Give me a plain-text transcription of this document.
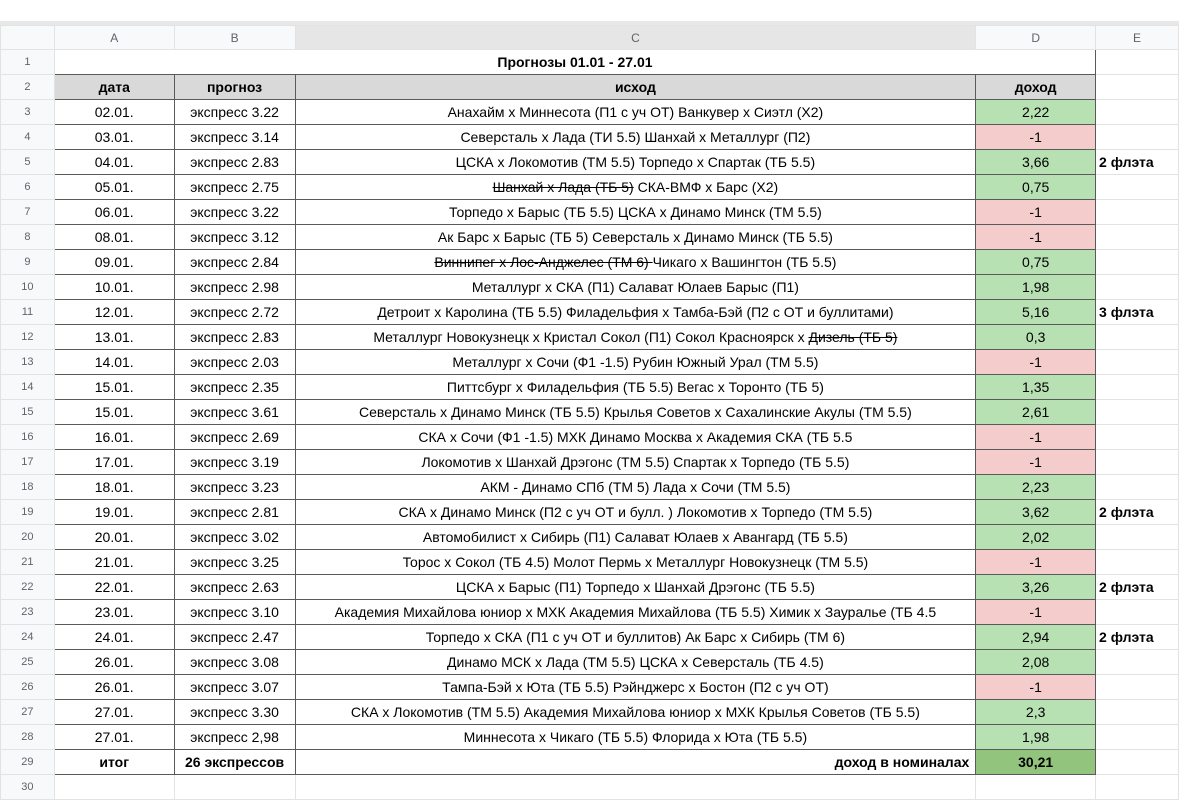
	A	B	C	D	E
1	Прогнозы 01.01 - 27.01				
2	дата	прогноз	исход	доход	
3	02.01.	экспресс 3.22	Анахайм х Миннесота (П1 с уч ОТ) Ванкувер х Сиэтл (Х2)	2,22	
4	03.01.	экспресс 3.14	Северсталь х Лада (ТИ 5.5) Шанхай х Металлург (П2)	-1	
5	04.01.	экспресс 2.83	ЦСКА х Локомотив (ТМ 5.5) Торпедо х Спартак (ТБ 5.5)	3,66	2 флэта
6	05.01.	экспресс 2.75	Шанхай х Лада (ТБ 5) СКА-ВМФ х Барс (Х2)	0,75	
7	06.01.	экспресс 3.22	Торпедо х Барыс (ТБ 5.5) ЦСКА х Динамо Минск (ТМ 5.5)	-1	
8	08.01.	экспресс 3.12	Ак Барс х Барыс (ТБ 5) Северсталь х Динамо Минск (ТБ 5.5)	-1	
9	09.01.	экспресс 2.84	Виннипег х Лос-Анджелес (ТМ 6) Чикаго х Вашингтон (ТБ 5.5)	0,75	
10	10.01.	экспресс 2.98	Металлург х СКА (П1) Салават Юлаев Барыс (П1)	1,98	
11	12.01.	экспресс 2.72	Детроит х Каролина (ТБ 5.5) Филадельфия х Тамба-Бэй (П2 с ОТ и буллитами)	5,16	3 флэта
12	13.01.	экспресс 2.83	Металлург Новокузнецк х Кристал Сокол (П1) Сокол Красноярск х Дизель (ТБ 5)	0,3	
13	14.01.	экспресс 2.03	Металлург х Сочи (Ф1 -1.5) Рубин Южный Урал (ТМ 5.5)	-1	
14	15.01.	экспресс 2.35	Питтсбург х Филадельфия (ТБ 5.5) Вегас х Торонто (ТБ 5)	1,35	
15	15.01.	экспресс 3.61	Северсталь х Динамо Минск (ТБ 5.5) Крылья Советов х Сахалинские Акулы (ТМ 5.5)	2,61	
16	16.01.	экспресс 2.69	СКА х Сочи (Ф1 -1.5) МХК Динамо Москва х Академия СКА (ТБ 5.5	-1	
17	17.01.	экспресс 3.19	Локомотив х Шанхай Дрэгонс (ТМ 5.5) Спартак х Торпедо (ТБ 5.5)	-1	
18	18.01.	экспресс 3.23	АКМ - Динамо СПб (ТМ 5) Лада х Сочи (ТМ 5.5)	2,23	
19	19.01.	экспресс 2.81	СКА х Динамо Минск (П2 с уч ОТ и булл. ) Локомотив х Торпедо (ТМ 5.5)	3,62	2 флэта
20	20.01.	экспресс 3.02	Автомобилист х Сибирь (П1) Салават Юлаев х Авангард (ТБ 5.5)	2,02	
21	21.01.	экспресс 3.25	Торос х Сокол (ТБ 4.5) Молот Пермь х Металлург Новокузнецк (ТМ 5.5)	-1	
22	22.01.	экспресс 2.63	ЦСКА х Барыс (П1) Торпедо х Шанхай Дрэгонс (ТБ 5.5)	3,26	2 флэта
23	23.01.	экспресс 3.10	Академия Михайлова юниор х МХК Академия Михайлова (ТБ 5.5) Химик х Зауралье (ТБ 4.5	-1	
24	24.01.	экспресс 2.47	Торпедо х СКА (П1 с уч ОТ и буллитов) Ак Барс х Сибирь (ТМ 6)	2,94	2 флэта
25	26.01.	экспресс 3.08	Динамо МСК х Лада (ТМ 5.5) ЦСКА х Северсталь (ТБ 4.5)	2,08	
26	26.01.	экспресс 3.07	Тампа-Бэй х Юта (ТБ 5.5) Рэйнджерс х Бостон (П2 с уч ОТ)	-1	
27	27.01.	экспресс 3.30	СКА х Локомотив (ТМ 5.5) Академия Михайлова юниор х МХК Крылья Советов (ТБ 5.5)	2,3	
28	27.01.	экспресс 2,98	Миннесота х Чикаго (ТБ 5.5) Флорида х Юта (ТБ 5.5)	1,98	
29	итог	26 экспрессов	доход в номиналах	30,21	
30					
